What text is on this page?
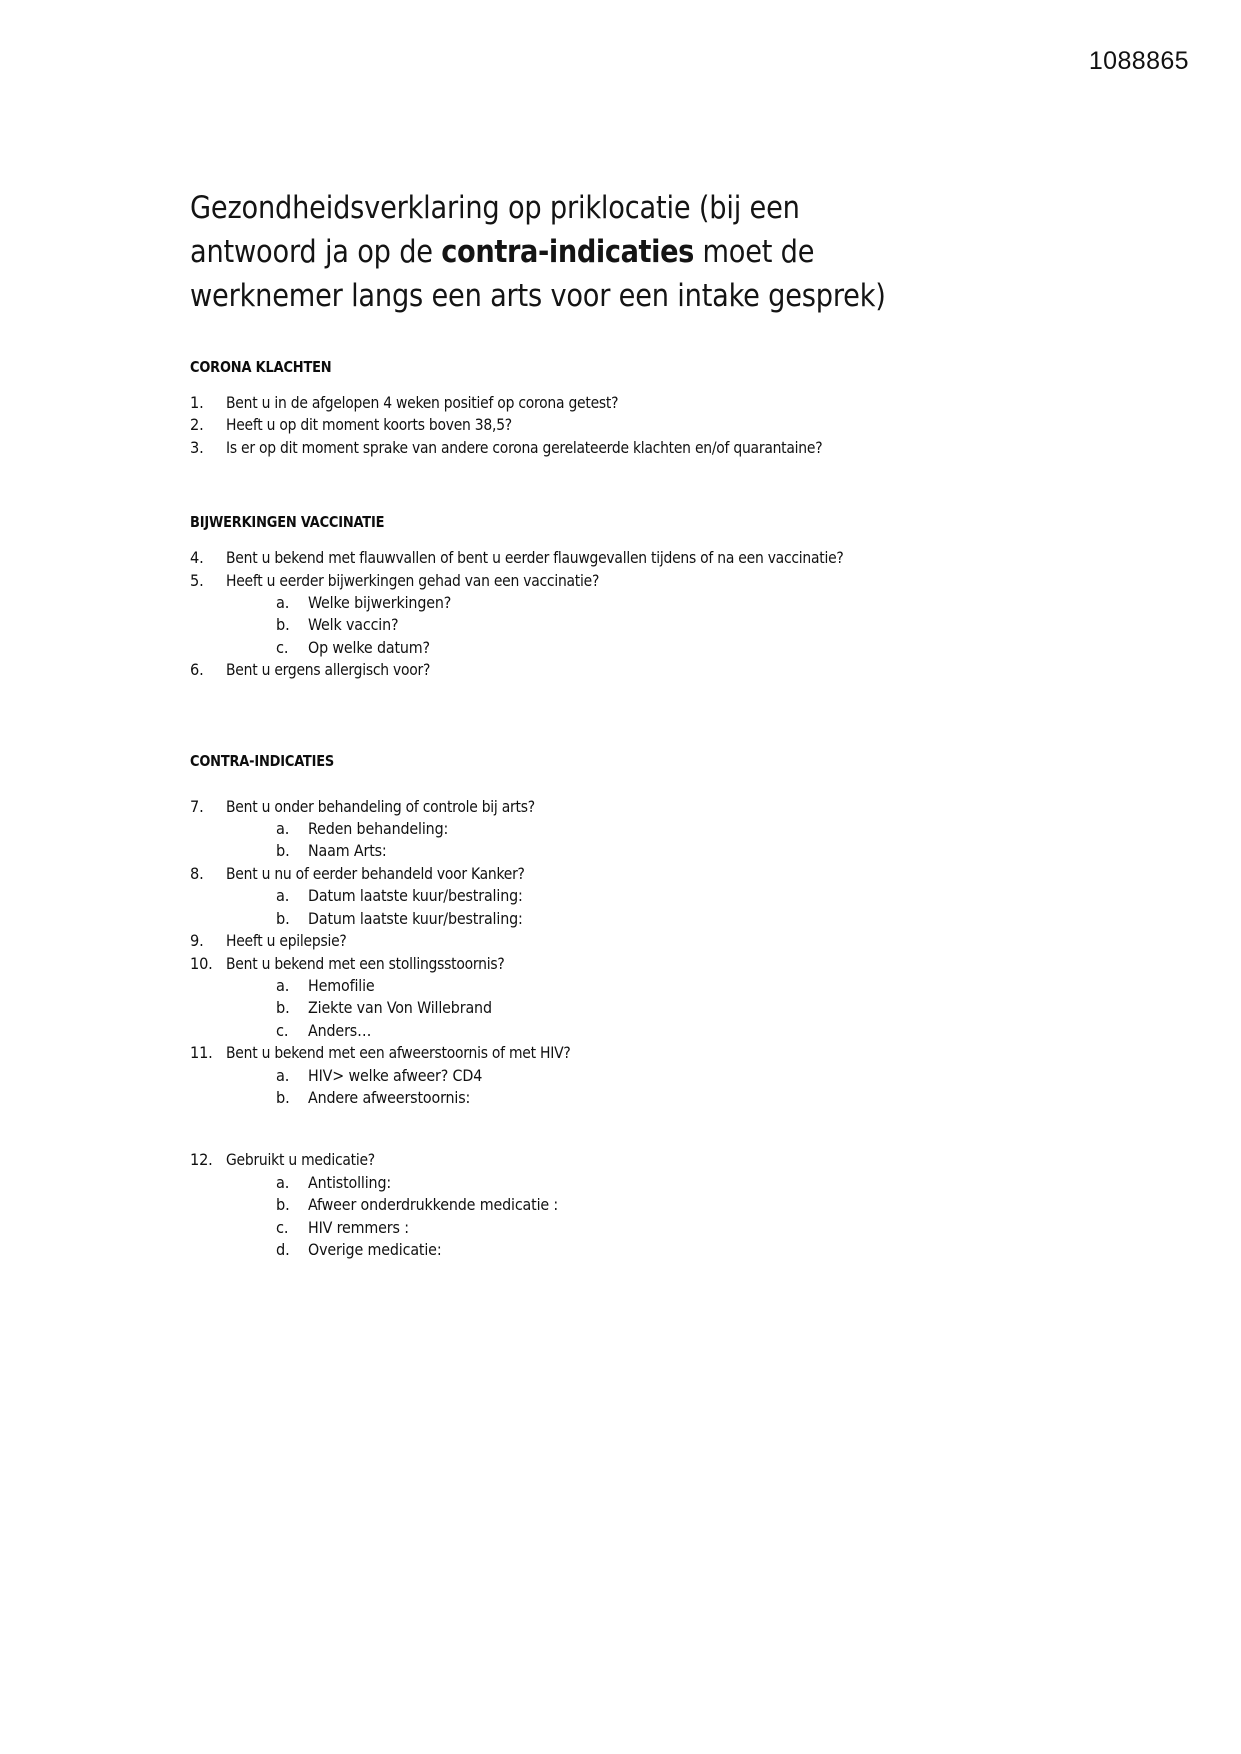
1088865
Gezondheidsverklaring op priklocatie (bij een antwoord ja op de contra-indicaties moet de werknemer langs een arts voor een intake gesprek)
CORONA KLACHTEN
1.	Bent u in de afgelopen 4 weken positief op corona getest?
2.	Heeft u op dit moment koorts boven 38,5?
3.	Is er op dit moment sprake van andere corona gerelateerde klachten en/of quarantaine?
BIJWERKINGEN VACCINATIE
4.	Bent u bekend met flauwvallen of bent u eerder flauwgevallen tijdens of na een vaccinatie?
5.	Heeft u eerder bijwerkingen gehad van een vaccinatie?
a.	Welke bijwerkingen?
b.	Welk vaccin?
c.	Op welke datum?
6.	Bent u ergens allergisch voor?
CONTRA-INDICATIES
7.	Bent u onder behandeling of controle bij arts?
a.	Reden behandeling:
b.	Naam Arts:
8.	Bent u nu of eerder behandeld voor Kanker?
a.	Datum laatste kuur/bestraling:
b.	Datum laatste kuur/bestraling:
9.	Heeft u epilepsie?
10. Bent u bekend met een stollingsstoornis?
a.	Hemofilie
b.	Ziekte van Von Willebrand
c.	Anders…
11. Bent u bekend met een afweerstoornis of met HIV?
a.	HIV> welke afweer? CD4
b.	Andere afweerstoornis:
12. Gebruikt u medicatie?
a.	Antistolling:
b.	Afweer onderdrukkende medicatie :
c.	HIV remmers :
d.	Overige medicatie:
